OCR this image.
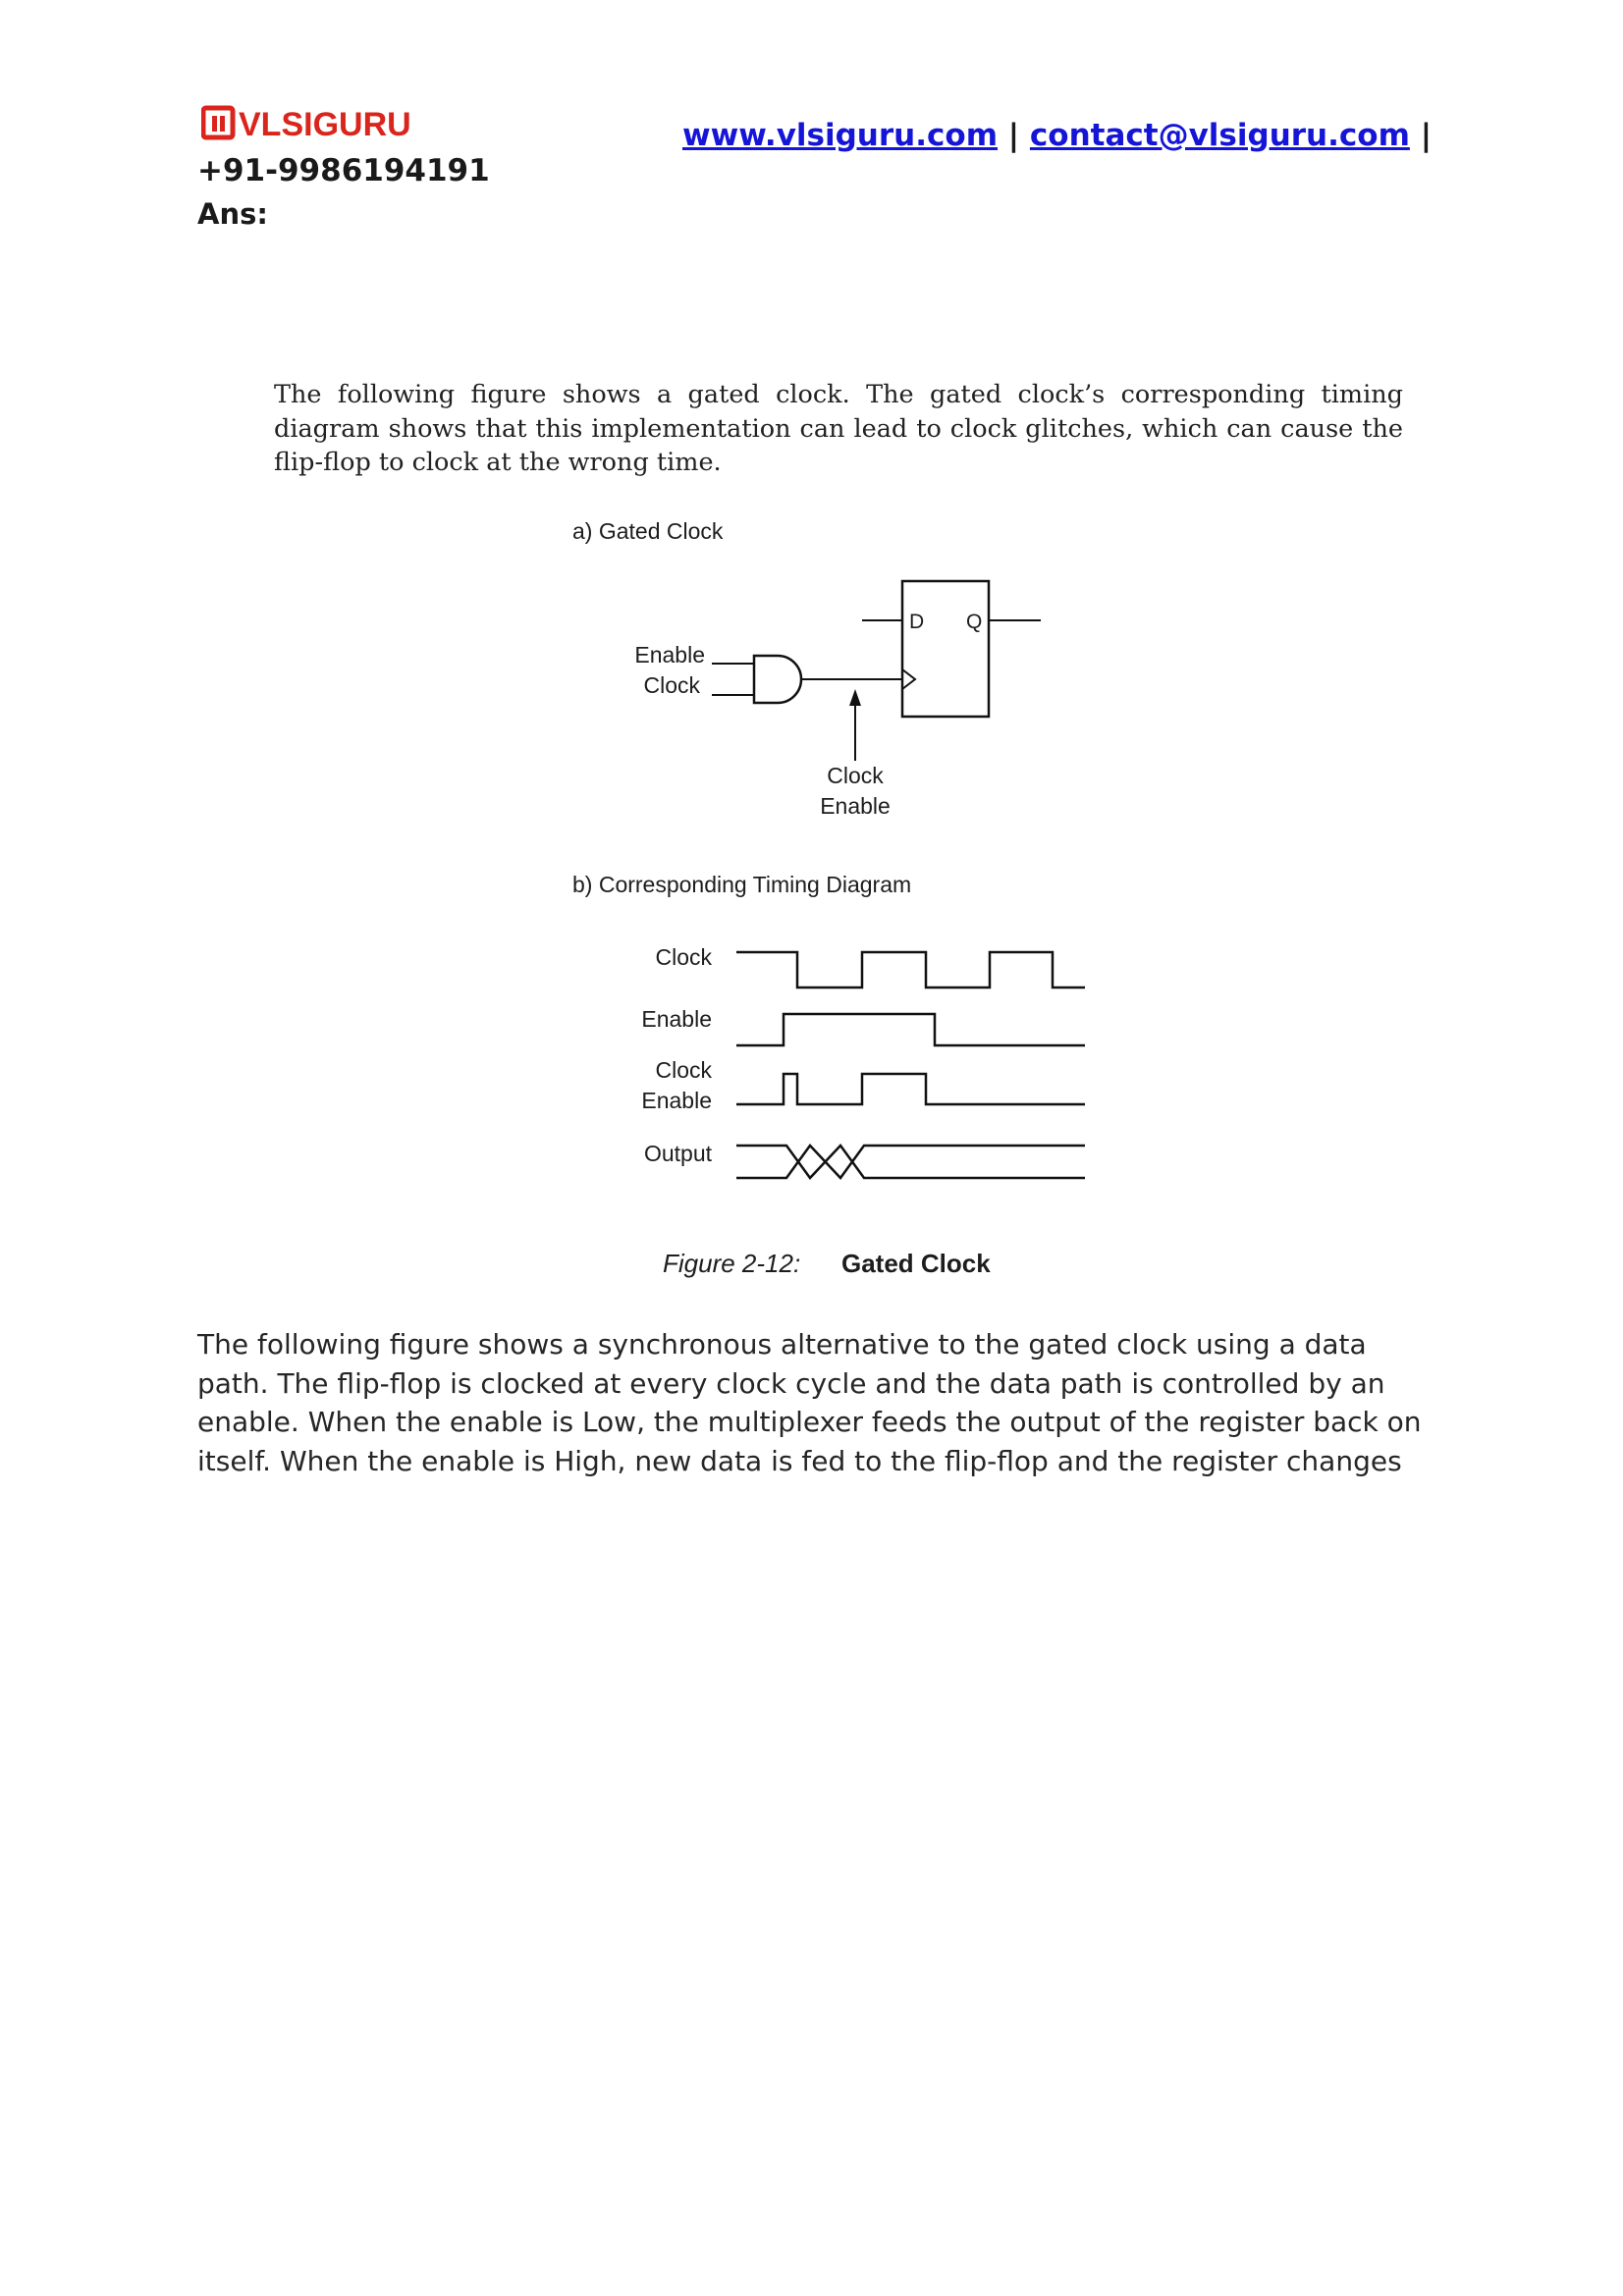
VLSIGURU	www.vlsiguru.com | contact@vlsiguru.com |
+91-9986194191
Ans:
The following figure shows a gated clock. The gated clock’s corresponding timing diagram shows that this implementation can lead to clock glitches, which can cause the flip-flop to clock at the wrong time.
a) Gated Clock
Enable
Clock
D Q
Clock
Enable
b) Corresponding Timing Diagram
Clock
Enable
Clock
Enable
Output
Figure 2-12: Gated Clock
The following figure shows a synchronous alternative to the gated clock using a data
path. The flip-flop is clocked at every clock cycle and the data path is controlled by an
enable. When the enable is Low, the multiplexer feeds the output of the register back on
itself. When the enable is High, new data is fed to the flip-flop and the register changes
